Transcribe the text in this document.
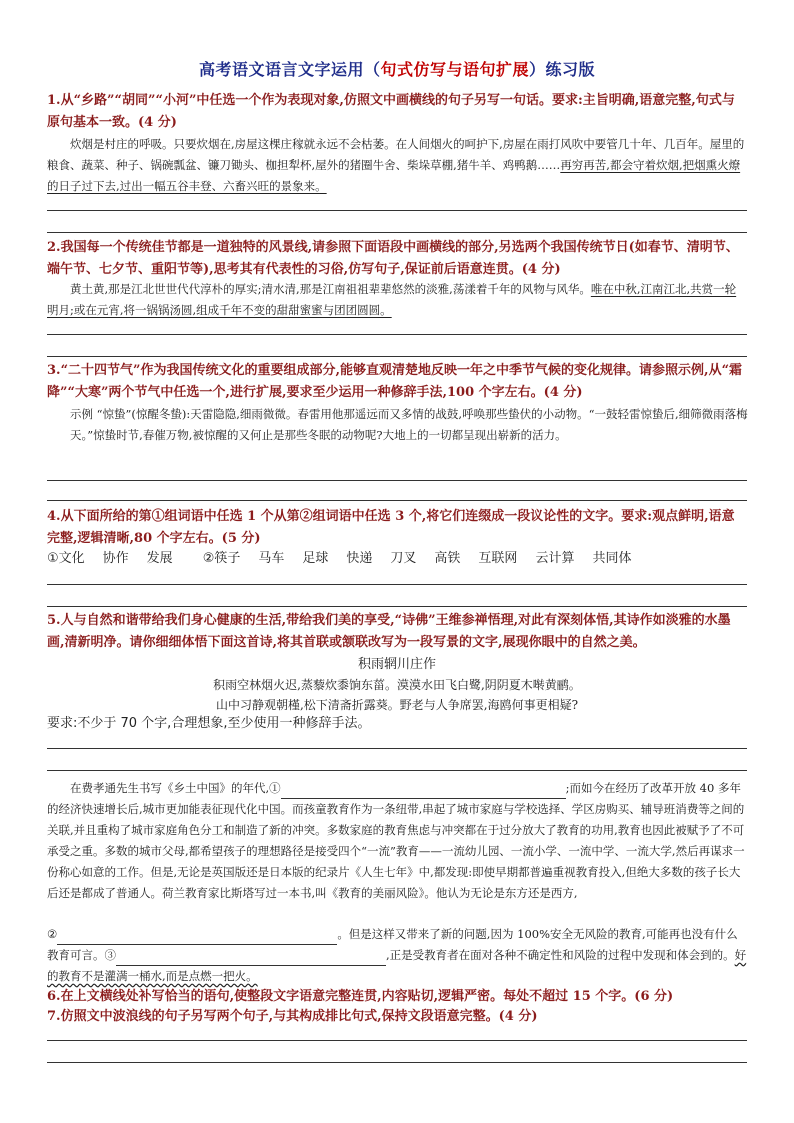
高考语文语言文字运用（句式仿写与语句扩展）练习版
1.从“乡路”“胡同”“小河”中任选一个作为表现对象,仿照文中画横线的句子另写一句话。要求:主旨明确,语意完整,句式与原句基本一致。(4 分)
炊烟是村庄的呼吸。只要炊烟在,房屋这棵庄稼就永远不会枯萎。在人间烟火的呵护下,房屋在雨打风吹中要管几十年、几百年。屋里的粮食、蔬菜、种子、锅碗瓢盆、镰刀锄头、枷担犁杯,屋外的猪圈牛舍、柴垛草棚,猪牛羊、鸡鸭鹅……再穷再苦,都会守着炊烟,把烟熏火燎的日子过下去,过出一幅五谷丰登、六畜兴旺的景象来。
2.我国每一个传统佳节都是一道独特的风景线,请参照下面语段中画横线的部分,另选两个我国传统节日(如春节、清明节、端午节、七夕节、重阳节等),思考其有代表性的习俗,仿写句子,保证前后语意连贯。(4 分)
黄土黄,那是江北世世代代淳朴的厚实;清水清,那是江南祖祖辈辈悠然的淡雅,荡漾着千年的风物与风华。唯在中秋,江南江北,共赏一轮明月;或在元宵,将一锅锅汤圆,组成千年不变的甜甜蜜蜜与团团圆圆。
3.“二十四节气”作为我国传统文化的重要组成部分,能够直观清楚地反映一年之中季节气候的变化规律。请参照示例,从“霜降”“大寒”两个节气中任选一个,进行扩展,要求至少运用一种修辞手法,100 个字左右。(4 分)
示例 “惊蛰”(惊醒冬蛰):天雷隐隐,细雨微微。春雷用他那遥远而又多情的战鼓,呼唤那些蛰伏的小动物。“一鼓轻雷惊蛰后,细筛微雨落梅天。”惊蛰时节,春催万物,被惊醒的又何止是那些冬眠的动物呢?大地上的一切都呈现出崭新的活力。
4.从下面所给的第①组词语中任选 1 个从第②组词语中任选 3 个,将它们连缀成一段议论性的文字。要求:观点鲜明,语意完整,逻辑清晰,80 个字左右。(5 分)
①文化 协作 发展 ②筷子 马车 足球 快递 刀叉 高铁 互联网 云计算 共同体
5.人与自然和谐带给我们身心健康的生活,带给我们美的享受,“诗佛”王维参禅悟理,对此有深刻体悟,其诗作如淡雅的水墨画,清新明净。请你细细体悟下面这首诗,将其首联或颔联改写为一段写景的文字,展现你眼中的自然之美。
积雨辋川庄作
积雨空林烟火迟,蒸藜炊黍饷东菑。漠漠水田飞白鹭,阴阴夏木啭黄鹂。
山中习静观朝槿,松下清斋折露葵。野老与人争席罢,海鸥何事更相疑?
要求:不少于 70 个字,合理想象,至少使用一种修辞手法。
在费孝通先生书写《乡土中国》的年代,①	;而如今在经历了改革开放 40 多年的经济快速增长后,城市更加能表征现代化中国。而孩童教育作为一条纽带,串起了城市家庭与学校选择、学区房购买、辅导班消费等之间的关联,并且重构了城市家庭角色分工和制造了新的冲突。多数家庭的教育焦虑与冲突都在于过分放大了教育的功用,教育也因此被赋予了不可承受之重。多数的城市父母,都希望孩子的理想路径是接受四个“一流”教育——一流幼儿园、一流小学、一流中学、一流大学,然后再谋求一份称心如意的工作。但是,无论是英国版还是日本版的纪录片《人生七年》中,都发现:即使早期都普遍重视教育投入,但绝大多数的孩子长大后还是都成了普通人。荷兰教育家比斯塔写过一本书,叫《教育的美丽风险》。他认为无论是东方还是西方,
②	。但是这样又带来了新的问题,因为 100%安全无风险的教育,可能再也没有什么教育可言。③	,正是受教育者在面对各种不确定性和风险的过程中发现和体会到的。好的教育不是灌满一桶水,而是点燃一把火。
6.在上文横线处补写恰当的语句,使整段文字语意完整连贯,内容贴切,逻辑严密。每处不超过 15 个字。(6 分)
7.仿照文中波浪线的句子另写两个句子,与其构成排比句式,保持文段语意完整。(4 分)
